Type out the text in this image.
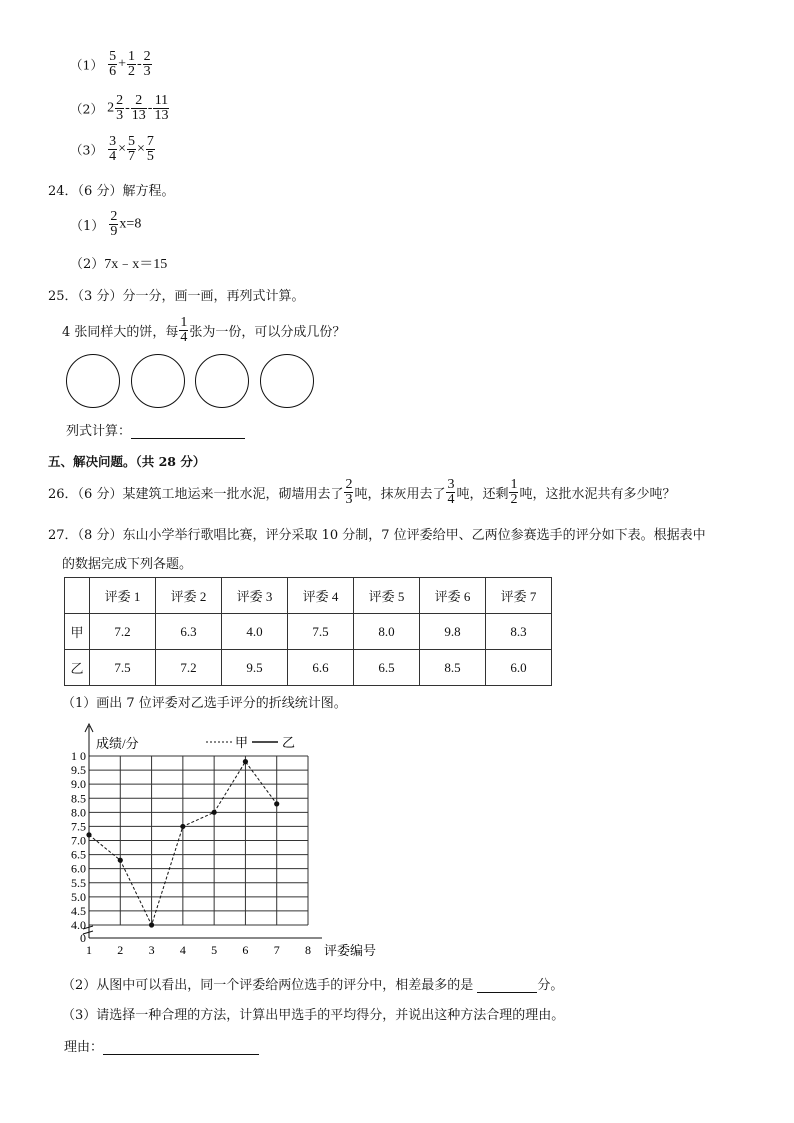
$(1) \frac{5}{6} + \frac{1}{2} - \frac{2}{3}$
（2） $2 \frac{2}{3} - \frac{2}{13} - \frac{11}{13}$
$(3) \frac{3}{4} \times \frac{5}{7} \times \frac{7}{5}$
24．（6 分）解方程。
$(1) \frac{2}{9} x=8$
（2）7x﹣x＝15
25．（3 分）分一分，画一画，再列式计算。
4 张同样大的饼，每 $\frac{1}{4}$ 张为一份，可以分成几份？
列式计算：
五、解决问题。（共 28 分）
26．（6 分）某建筑工地运来一批水泥，砌墙用去了 $\frac{2}{3}$ 吨，抹灰用去了 $\frac{3}{4}$ 吨，还剩 $\frac{1}{2}$ 吨，这批水泥共有多少吨？
27．（8 分）东山小学举行歌唱比赛，评分采取 10 分制，7 位评委给甲、乙两位参赛选手的评分如下表。根据表中
的数据完成下列各题。
	评委 1	评委 2	评委 3	评委 4	评委 5	评委 6	评委 7
甲	7.2	6.3	4.0	7.5	8.0	9.8	8.3
乙	7.5	7.2	9.5	6.6	6.5	8.5	6.0
（1）画出 7 位评委对乙选手评分的折线统计图。
0
4.0
4.5
5.0
5.5
6.0
6.5
7.0
7.5
8.0
8.5
9.0
9.5
1 0
1 2 3 4 5 6 7 8 评委编号
成绩/分	甲	乙
（2）从图中可以看出，同一个评委给两位选手的评分中，相差最多的是	分。
（3）请选择一种合理的方法，计算出甲选手的平均得分，并说出这种方法合理的理由。
理由：
